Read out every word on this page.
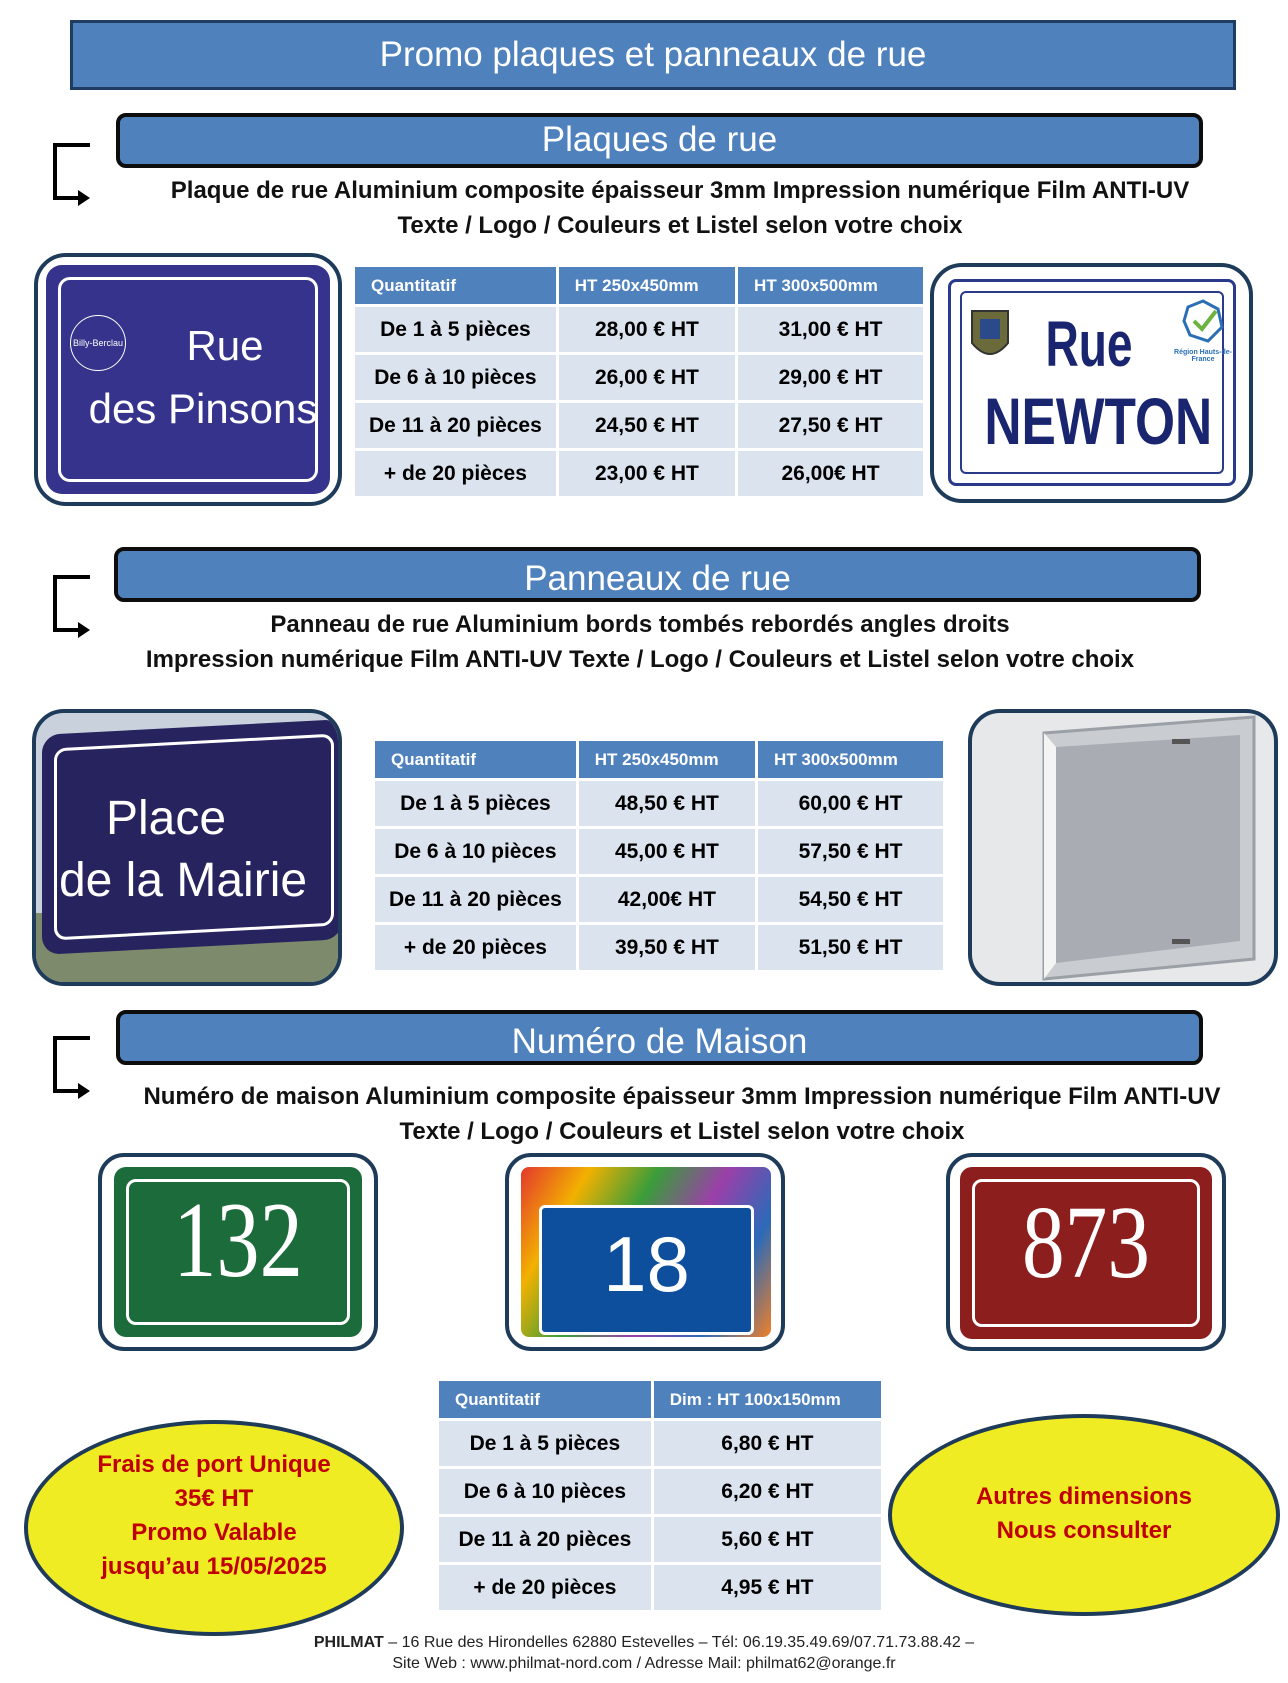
Promo plaques et panneaux de rue
Plaques de rue
Plaque de rue Aluminium composite épaisseur 3mm Impression numérique Film ANTI-UV
Texte / Logo / Couleurs et Listel selon votre choix
Billy-Berclau	Rue
des Pinsons
Quantitatif	HT 250x450mm	HT 300x500mm
De 1 à 5 pièces	28,00 € HT	31,00 € HT
De 6 à 10 pièces	26,00 € HT	29,00 € HT
De 11 à 20 pièces	24,50 € HT	27,50 € HT
+ de 20 pièces	23,00 € HT	26,00€ HT
Rue	Région Hauts-de-France
NEWTON
Panneaux de rue
Panneau de rue Aluminium bords tombés rebordés angles droits
Impression numérique Film ANTI-UV Texte / Logo / Couleurs et Listel selon votre choix
Place
de la Mairie
Quantitatif	HT 250x450mm	HT 300x500mm
De 1 à 5 pièces	48,50 € HT	60,00 € HT
De 6 à 10 pièces	45,00 € HT	57,50 € HT
De 11 à 20 pièces	42,00€ HT	54,50 € HT
+ de 20 pièces	39,50 € HT	51,50 € HT
Numéro de Maison
Numéro de maison Aluminium composite épaisseur 3mm Impression numérique Film ANTI-UV
Texte / Logo / Couleurs et Listel selon votre choix
132	18	873
Frais de port Unique
35€ HT
Promo Valable
jusqu’au 15/05/2025
Quantitatif	Dim : HT 100x150mm
De 1 à 5 pièces	6,80 € HT
De 6 à 10 pièces	6,20 € HT
De 11 à 20 pièces	5,60 € HT
+ de 20 pièces	4,95 € HT
Autres dimensions
Nous consulter
PHILMAT – 16 Rue des Hirondelles 62880 Estevelles – Tél: 06.19.35.49.69/07.71.73.88.42 –
Site Web : www.philmat-nord.com / Adresse Mail: philmat62@orange.fr
